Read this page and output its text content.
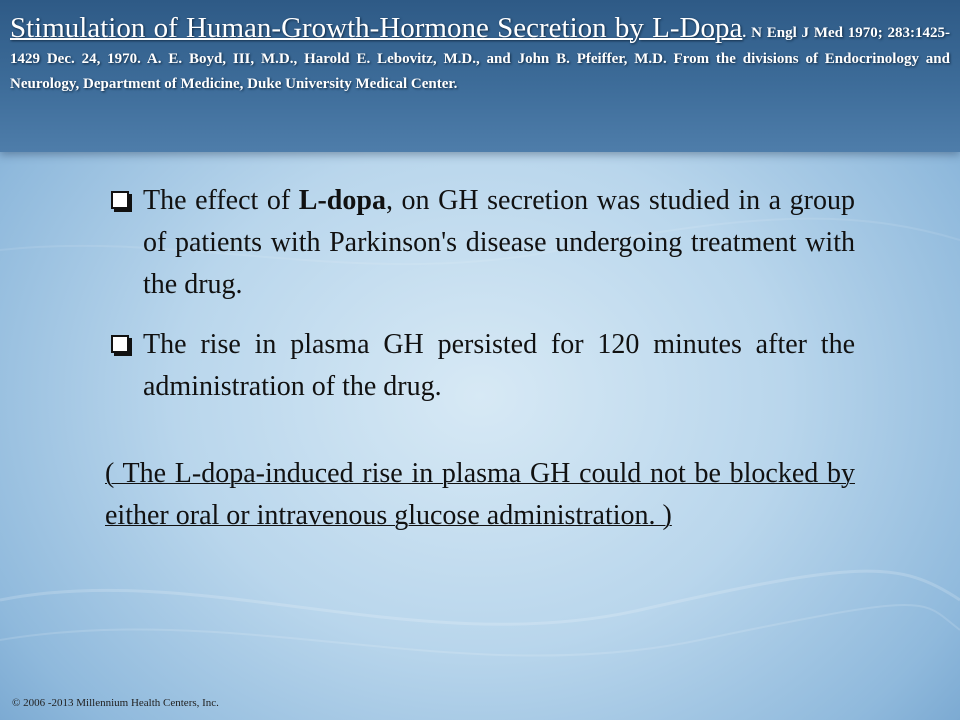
Stimulation of Human-Growth-Hormone Secretion by L-Dopa. N Engl J Med 1970; 283:1425-1429 Dec. 24, 1970. A. E. Boyd, III, M.D., Harold E. Lebovitz, M.D., and John B. Pfeiffer, M.D. From the divisions of Endocrinology and Neurology, Department of Medicine, Duke University Medical Center.
The effect of L-dopa, on GH secretion was studied in a group of patients with Parkinson's disease undergoing treatment with the drug.
The rise in plasma GH persisted for 120 minutes after the administration of the drug.
( The L-dopa-induced rise in plasma GH could not be blocked by either oral or intravenous glucose administration. )
© 2006 -2013 Millennium Health Centers, Inc.
